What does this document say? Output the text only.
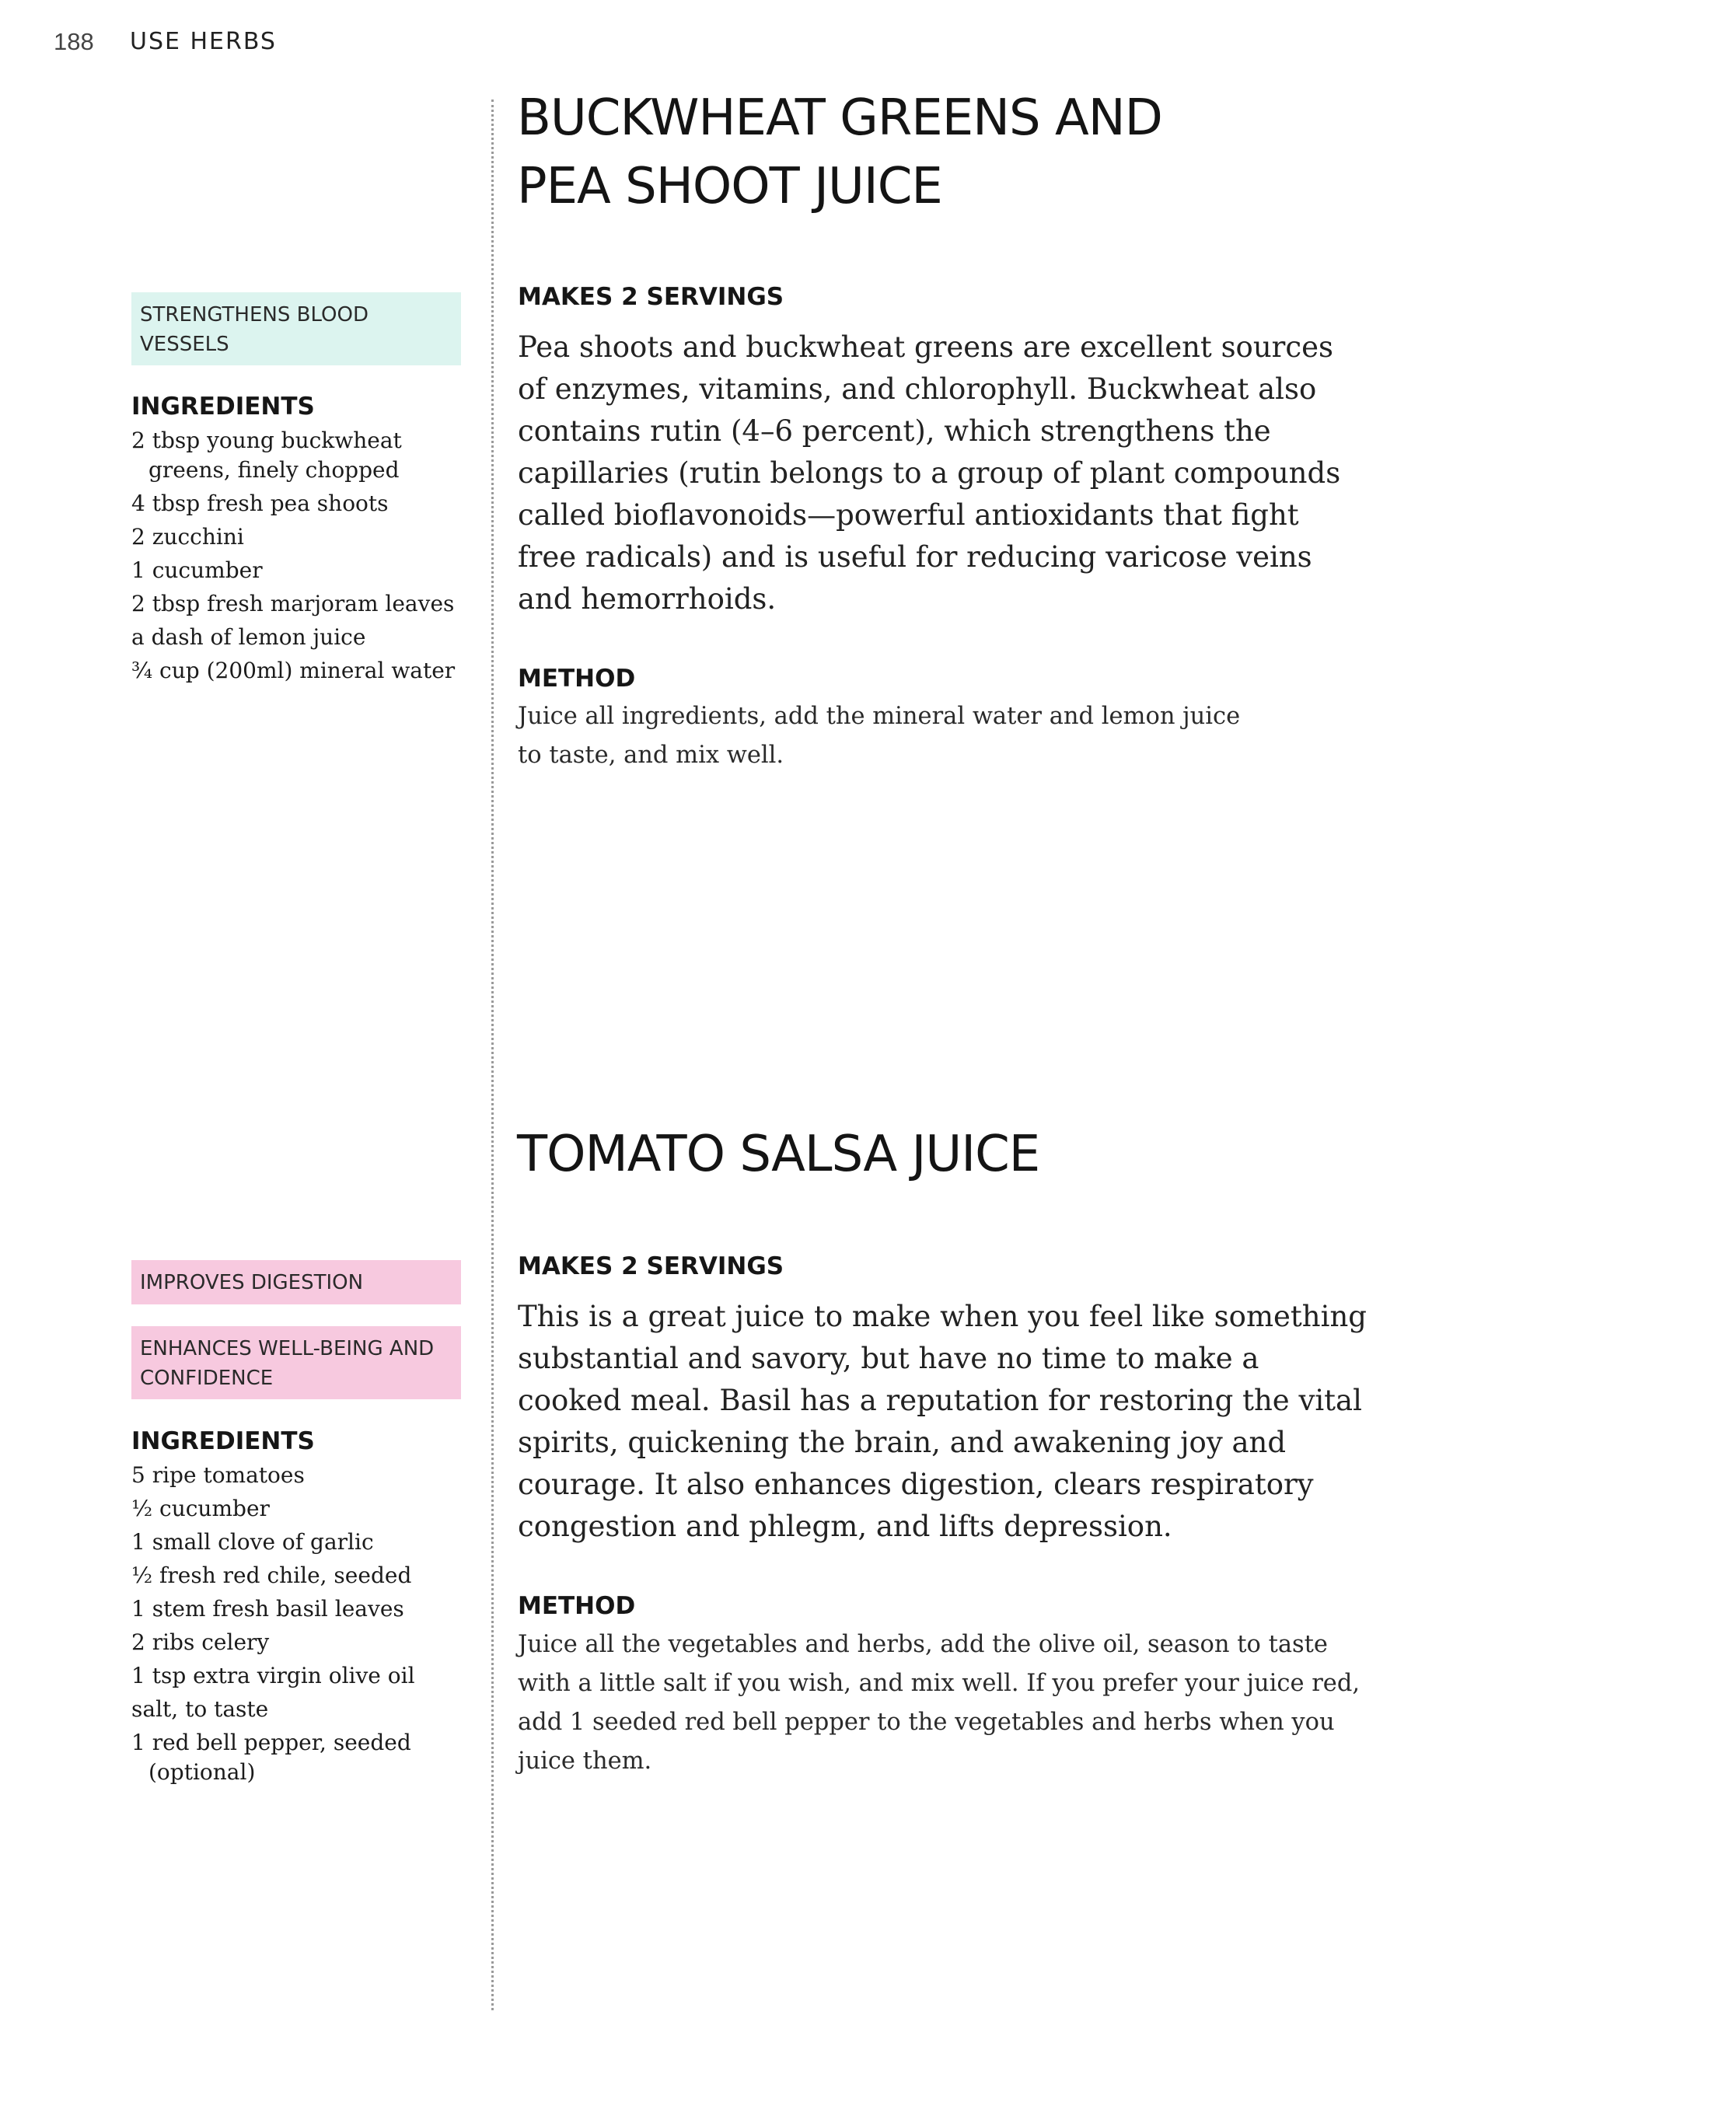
188 USE HERBS
BUCKWHEAT GREENS AND
PEA SHOOT JUICE
STRENGTHENS BLOOD VESSELS
INGREDIENTS
2 tbsp young buckwheat greens, finely chopped
4 tbsp fresh pea shoots
2 zucchini
1 cucumber
2 tbsp fresh marjoram leaves
a dash of lemon juice
¾ cup (200ml) mineral water
MAKES 2 SERVINGS
Pea shoots and buckwheat greens are excellent sources
of enzymes, vitamins, and chlorophyll. Buckwheat also
contains rutin (4–6 percent), which strengthens the
capillaries (rutin belongs to a group of plant compounds
called bioflavonoids—powerful antioxidants that fight
free radicals) and is useful for reducing varicose veins
and hemorrhoids.
METHOD
Juice all ingredients, add the mineral water and lemon juice
to taste, and mix well.
TOMATO SALSA JUICE
IMPROVES DIGESTION
ENHANCES WELL-BEING AND CONFIDENCE
INGREDIENTS
5 ripe tomatoes
½ cucumber
1 small clove of garlic
½ fresh red chile, seeded
1 stem fresh basil leaves
2 ribs celery
1 tsp extra virgin olive oil
salt, to taste
1 red bell pepper, seeded (optional)
MAKES 2 SERVINGS
This is a great juice to make when you feel like something
substantial and savory, but have no time to make a
cooked meal. Basil has a reputation for restoring the vital
spirits, quickening the brain, and awakening joy and
courage. It also enhances digestion, clears respiratory
congestion and phlegm, and lifts depression.
METHOD
Juice all the vegetables and herbs, add the olive oil, season to taste
with a little salt if you wish, and mix well. If you prefer your juice red,
add 1 seeded red bell pepper to the vegetables and herbs when you
juice them.
